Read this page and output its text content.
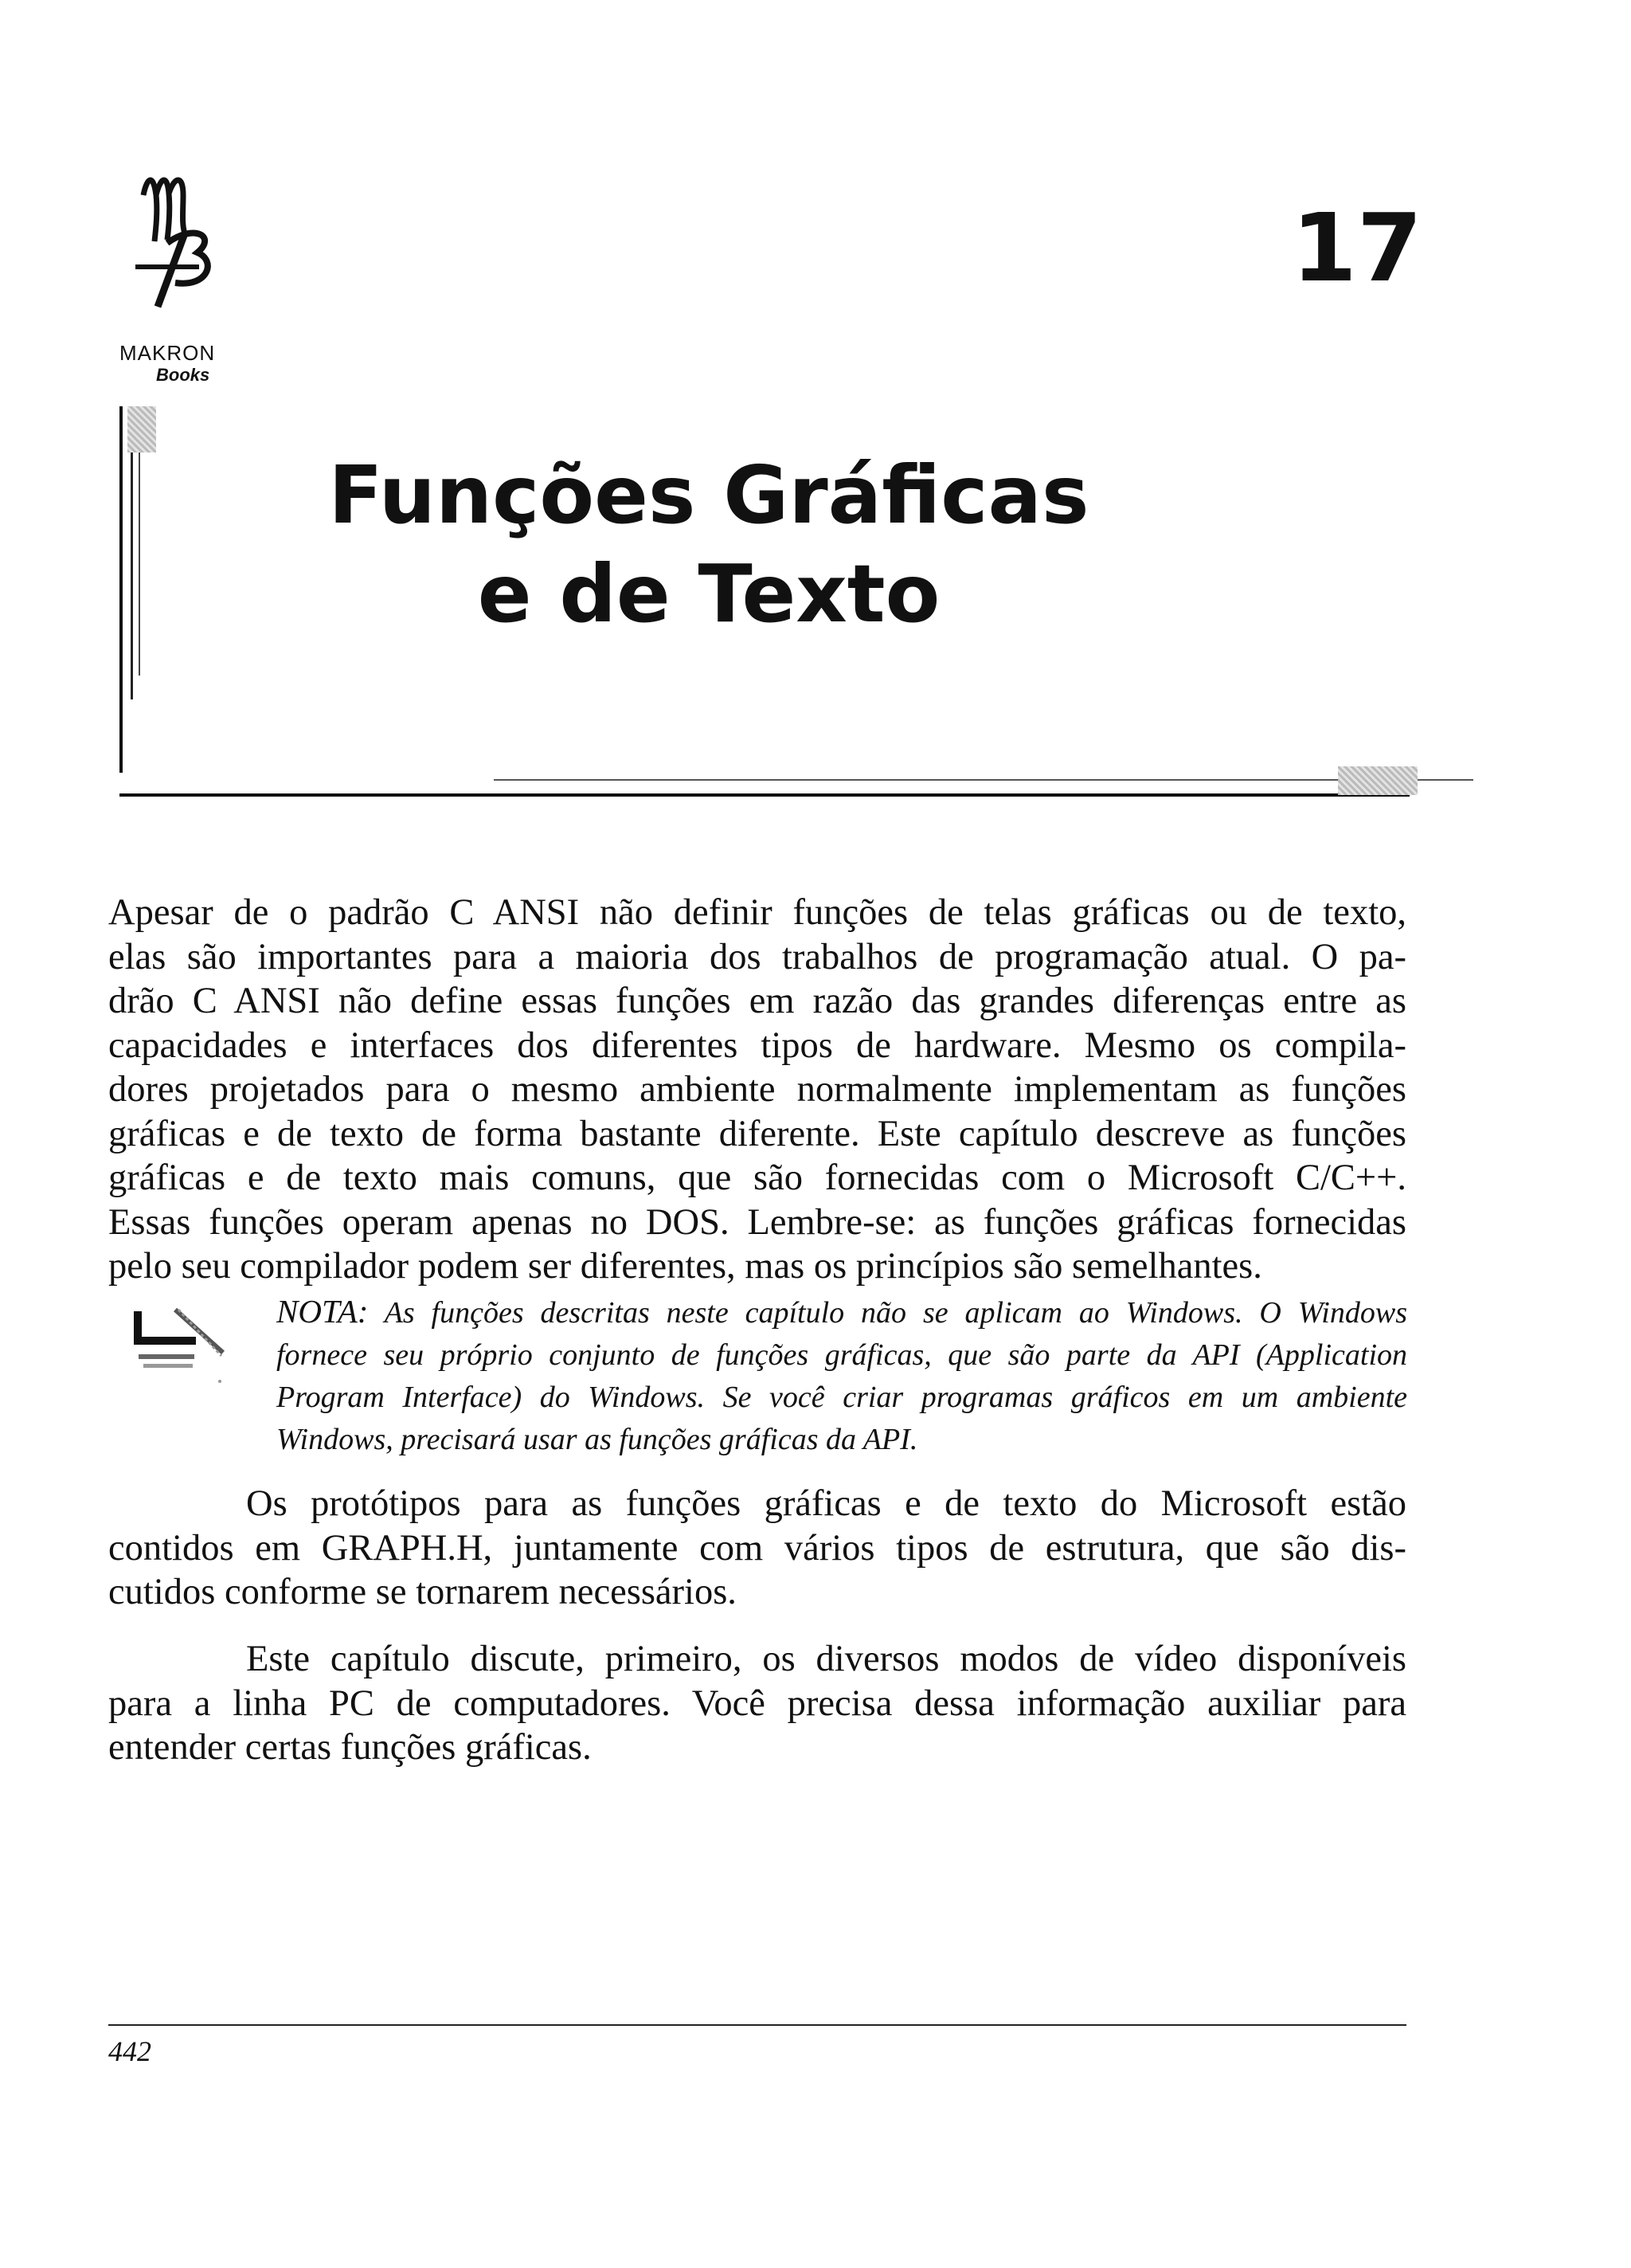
MAKRON
Books
17
Funções Gráficas
e de Texto
Apesar de o padrão C ANSI não definir funções de telas gráficas ou de texto,
elas são importantes para a maioria dos trabalhos de programação atual. O pa-
drão C ANSI não define essas funções em razão das grandes diferenças entre as
capacidades e interfaces dos diferentes tipos de hardware. Mesmo os compila-
dores projetados para o mesmo ambiente normalmente implementam as funções
gráficas e de texto de forma bastante diferente. Este capítulo descreve as funções
gráficas e de texto mais comuns, que são fornecidas com o Microsoft C/C++.
Essas funções operam apenas no DOS. Lembre-se: as funções gráficas fornecidas
pelo seu compilador podem ser diferentes, mas os princípios são semelhantes.
NOTA: As funções descritas neste capítulo não se aplicam ao Windows. O Windows
fornece seu próprio conjunto de funções gráficas, que são parte da API (Application
Program Interface) do Windows. Se você criar programas gráficos em um ambiente
Windows, precisará usar as funções gráficas da API.
Os protótipos para as funções gráficas e de texto do Microsoft estão
contidos em GRAPH.H, juntamente com vários tipos de estrutura, que são dis-
cutidos conforme se tornarem necessários.
Este capítulo discute, primeiro, os diversos modos de vídeo disponíveis
para a linha PC de computadores. Você precisa dessa informação auxiliar para
entender certas funções gráficas.
442
